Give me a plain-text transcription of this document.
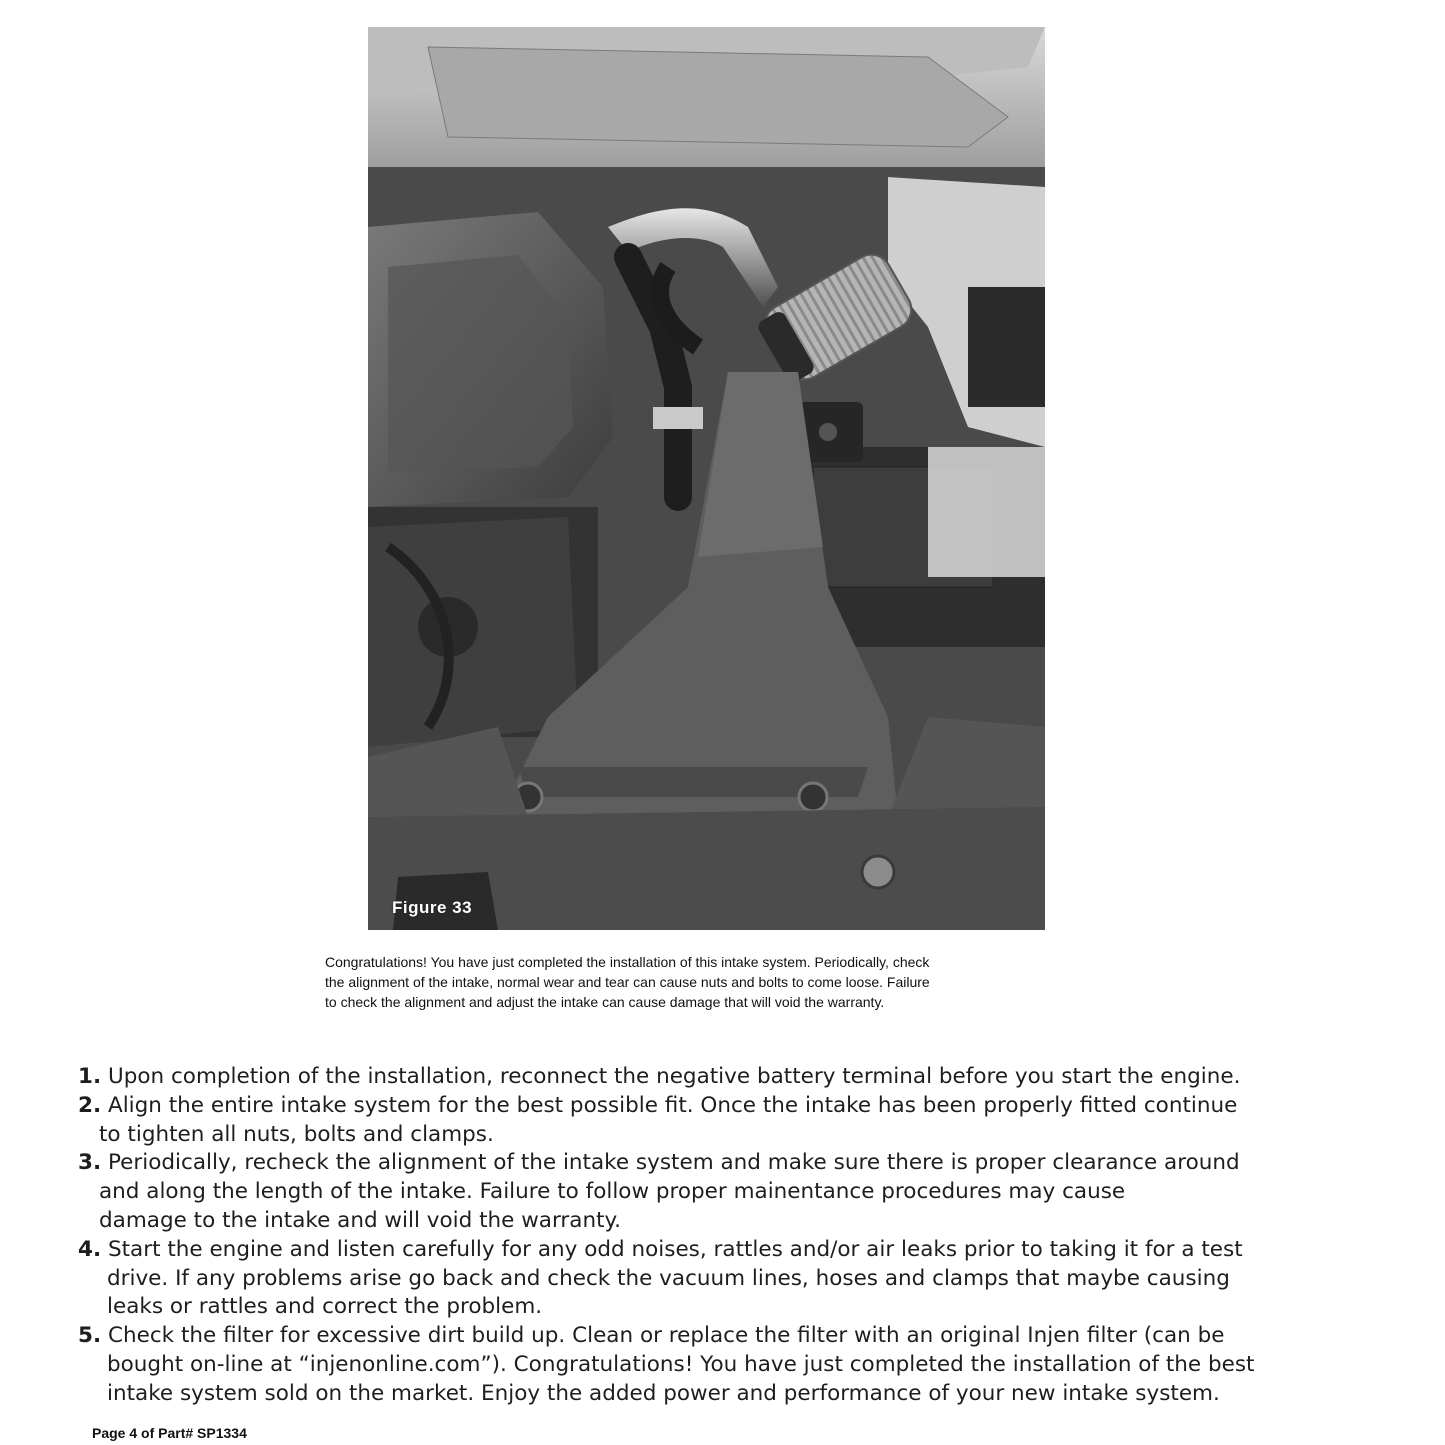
Figure 33

Congratulations! You have just completed the installation of this intake system. Periodically, check

the alignment of the intake, normal wear and tear can cause nuts and bolts to come loose. Failure

to check the alignment and adjust the intake can cause damage that will void the warranty.

1. Upon completion of the installation, reconnect the negative battery terminal before you start the engine.
2. Align the entire intake system for the best possible fit. Once the intake has been properly fitted continue
to tighten all nuts, bolts and clamps.
3. Periodically, recheck the alignment of the intake system and make sure there is proper clearance around
and along the length of the intake. Failure to follow proper mainentance procedures may cause
damage to the intake and will void the warranty.
4. Start the engine and listen carefully for any odd noises, rattles and/or air leaks prior to taking it for a test
drive. If any problems arise go back and check the vacuum lines, hoses and clamps that maybe causing
leaks or rattles and correct the problem.
5. Check the filter for excessive dirt build up. Clean or replace the filter with an original Injen filter (can be
bought on-line at “injenonline.com”). Congratulations! You have just completed the installation of the best
intake system sold on the market. Enjoy the added power and performance of your new intake system.
Page 4 of Part# SP1334
